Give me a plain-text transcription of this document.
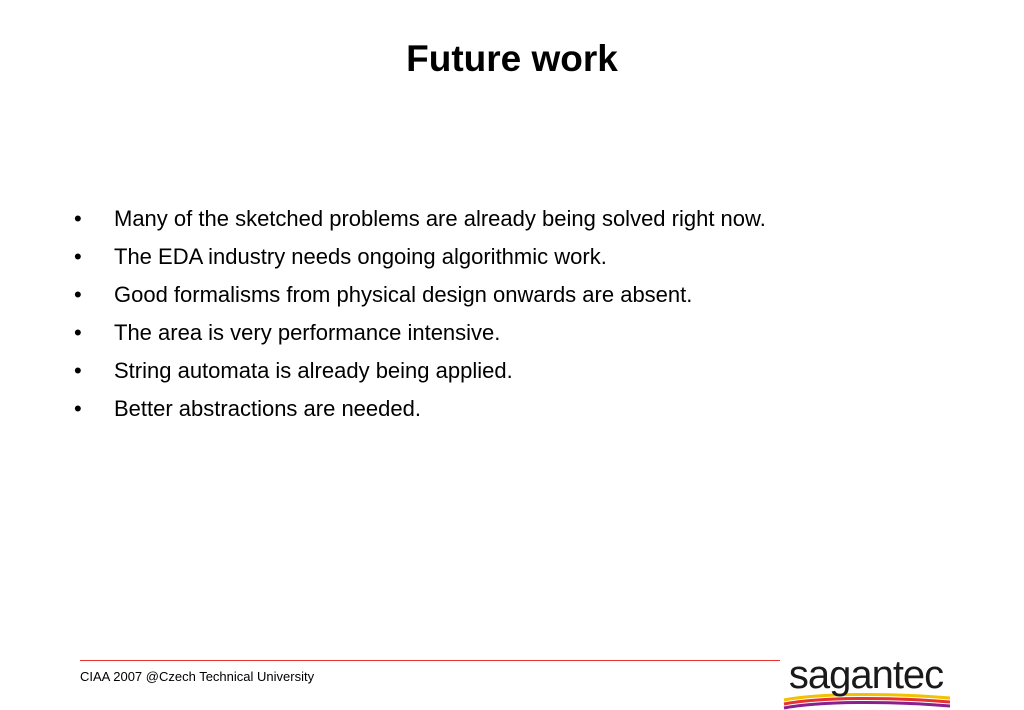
Future work
• Many of the sketched problems are already being solved right now.
• The EDA industry needs ongoing algorithmic work.
• Good formalisms from physical design onwards are absent.
• The area is very performance intensive.
• String automata is already being applied.
• Better abstractions are needed.
CIAA 2007 @Czech Technical University	sagantec
